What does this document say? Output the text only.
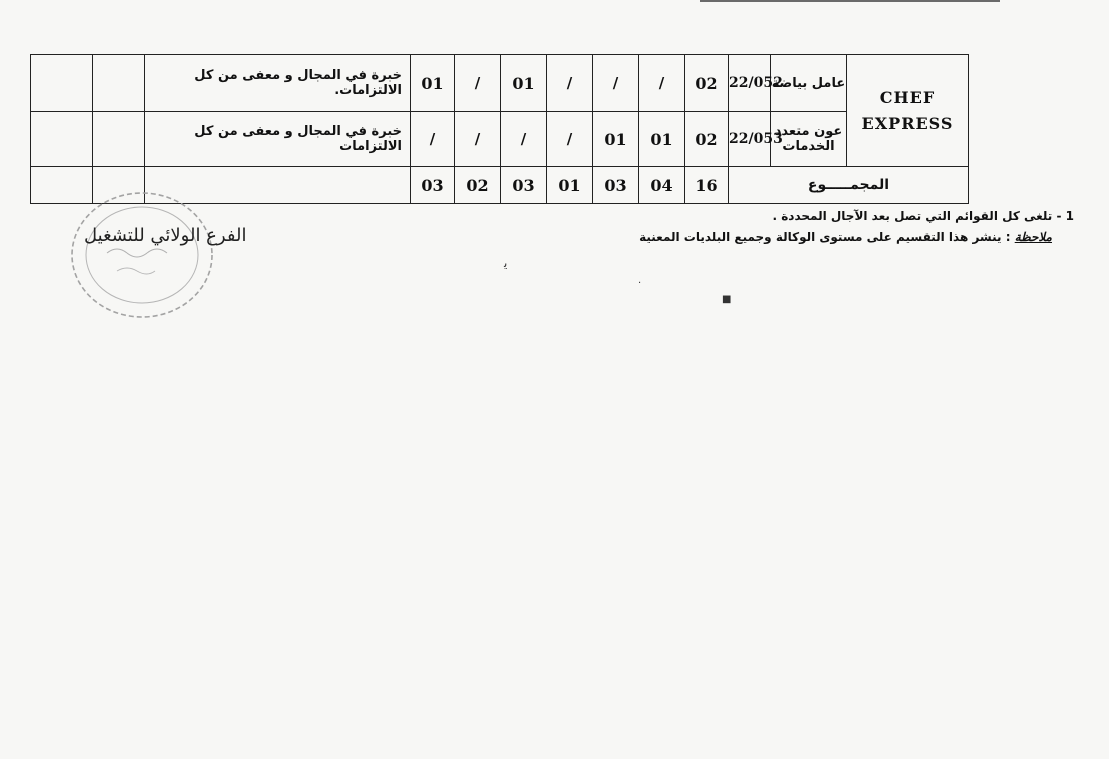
		خبرة في المجال و معفى من كل الالتزامات.	01	/	01	/	/	/	02	22/052	عامل بياضة	CHEF
EXPRESS

		خبرة في المجال و معفى من كل الالتزامات	/	/	/	/	01	01	02	22/053	عون متعدد الخدمات	
			03	02	03	01	03	04	16	المجمـــــوع		
1 - تلغى كل القوائم التي تصل بعد الآجال المحددة .
ملاحظة : ينشر هذا التقسيم على مستوى الوكالة وجميع البلديات المعنية
الفرع الولائي للتشغيل
ﻳ
·
■
